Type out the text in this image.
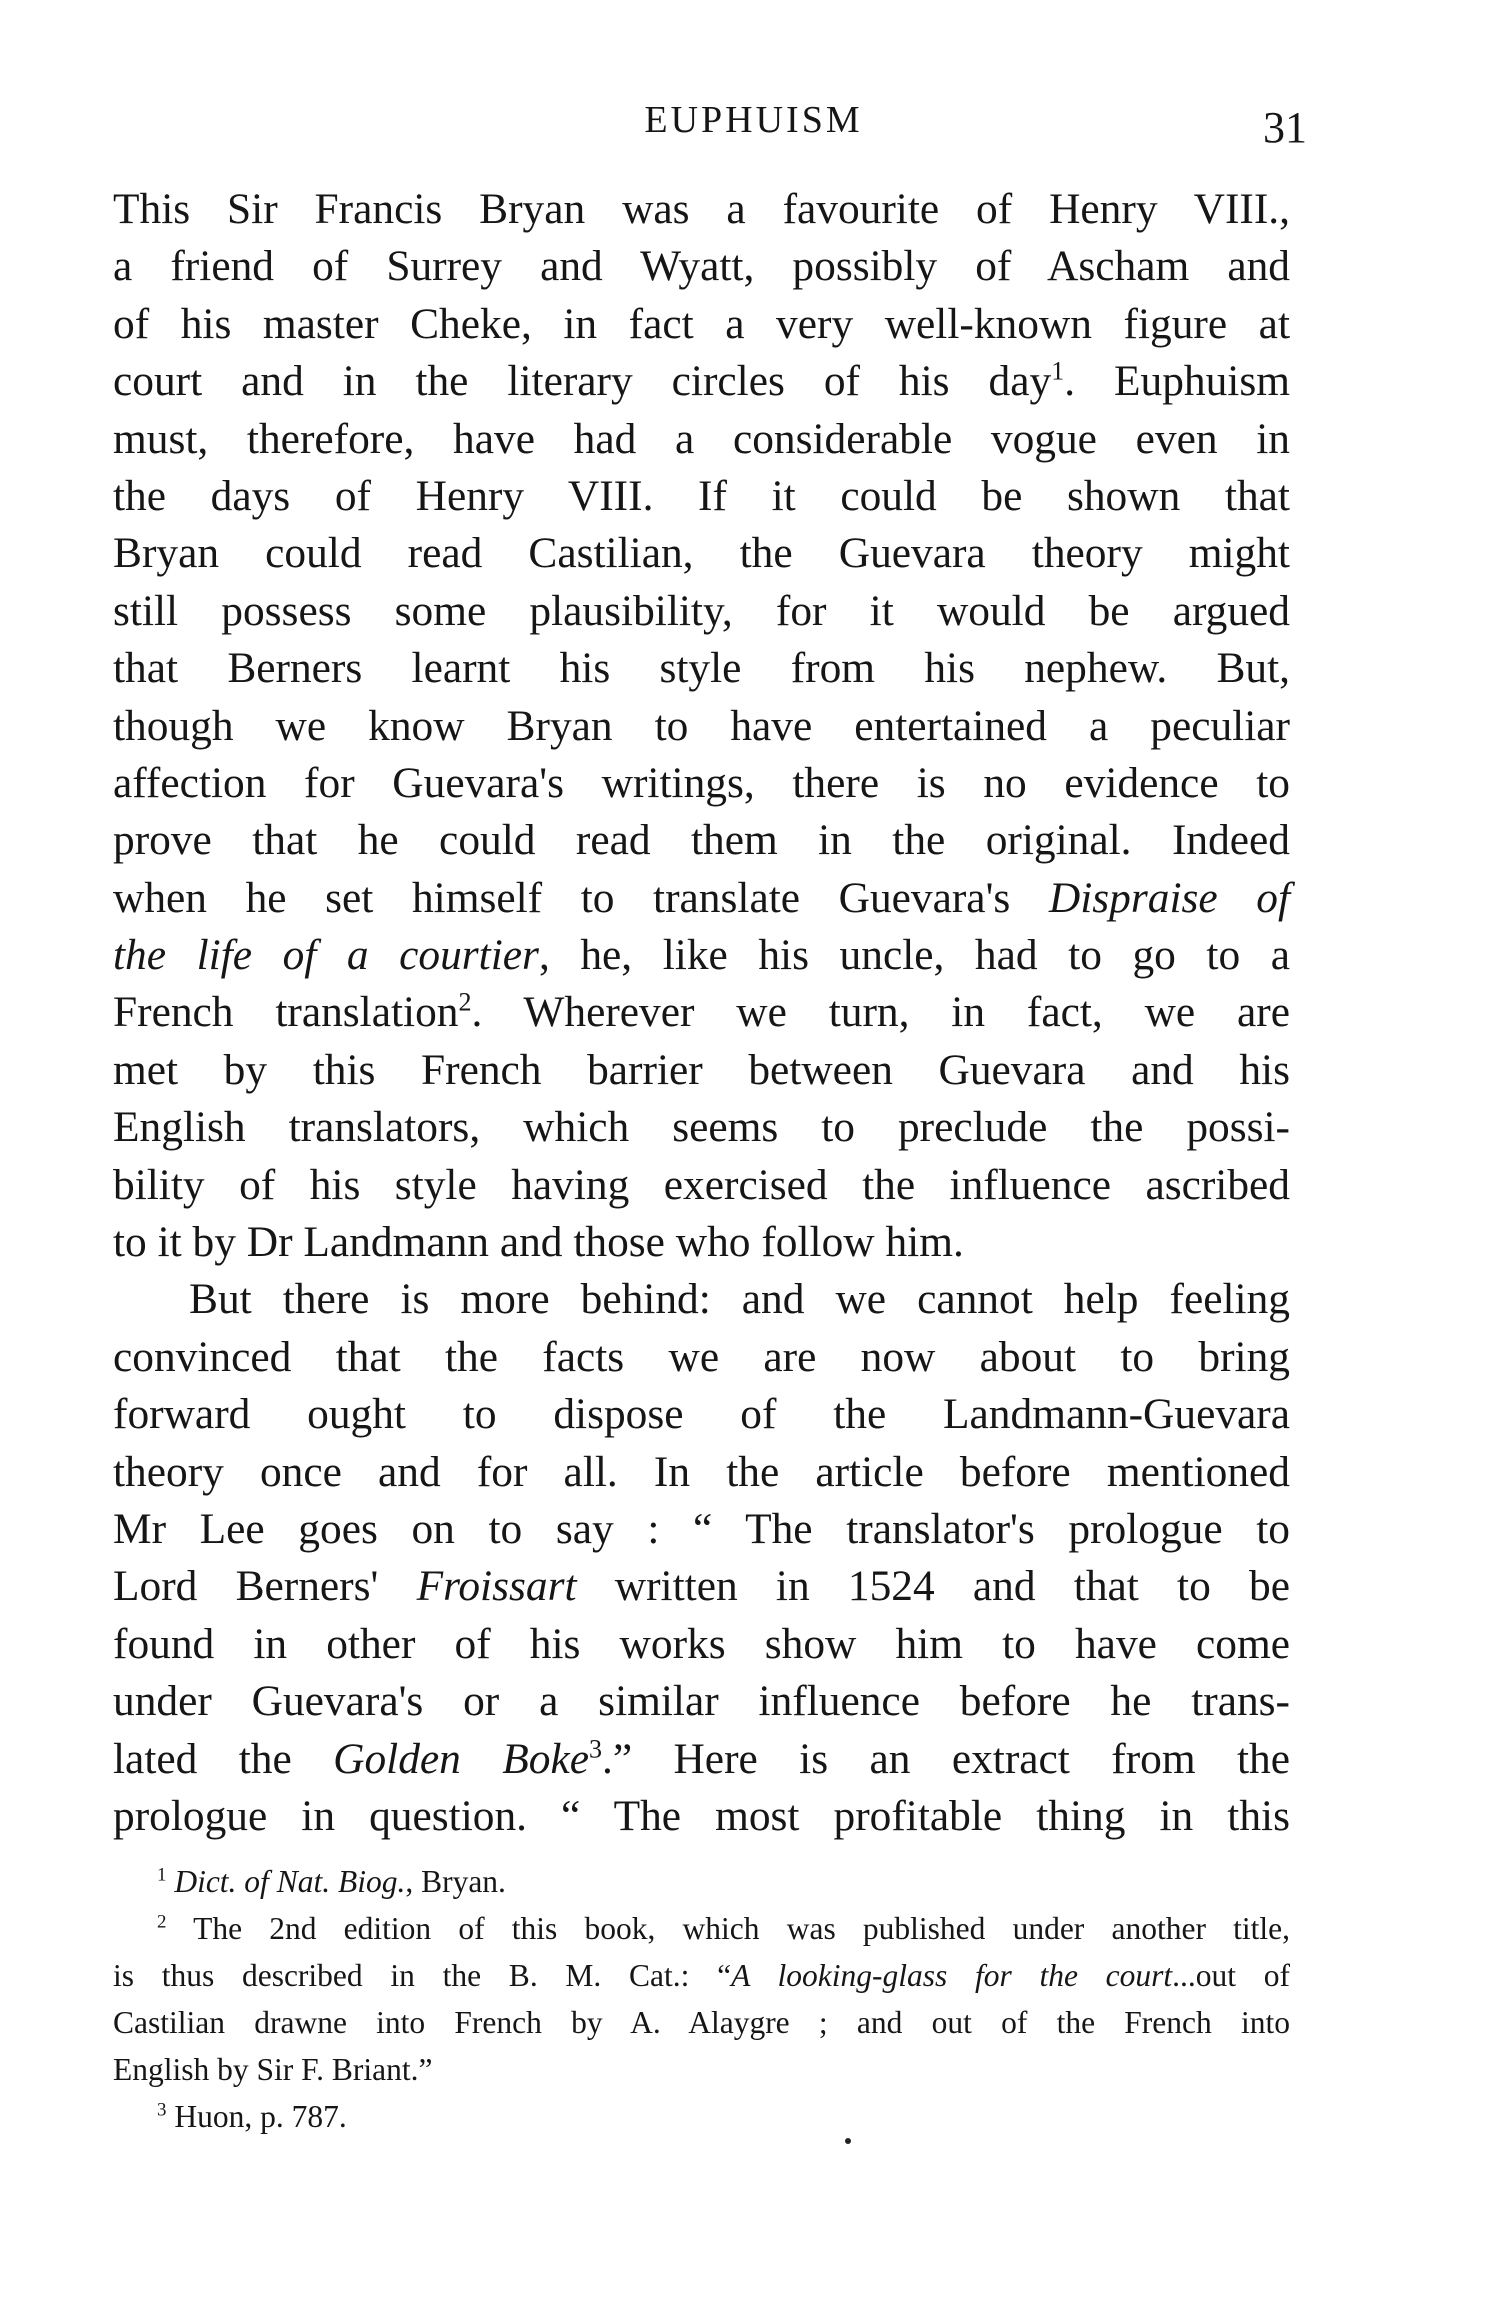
EUPHUISM	31
This Sir Francis Bryan was a favourite of Henry VIII.,
a friend of Surrey and Wyatt, possibly of Ascham and
of his master Cheke, in fact a very well-known figure at
court and in the literary circles of his day$^1$. Euphuism
must, therefore, have had a considerable vogue even in
the days of Henry VIII. If it could be shown that
Bryan could read Castilian, the Guevara theory might
still possess some plausibility, for it would be argued
that Berners learnt his style from his nephew. But,
though we know Bryan to have entertained a peculiar
affection for Guevara's writings, there is no evidence to
prove that he could read them in the original. Indeed
when he set himself to translate Guevara's Dispraise of
the life of a courtier, he, like his uncle, had to go to a
French translation$^2$. Wherever we turn, in fact, we are
met by this French barrier between Guevara and his
English translators, which seems to preclude the possi-
bility of his style having exercised the influence ascribed
to it by Dr Landmann and those who follow him.
But there is more behind: and we cannot help feeling
convinced that the facts we are now about to bring
forward ought to dispose of the Landmann-Guevara
theory once and for all. In the article before mentioned
Mr Lee goes on to say : “ The translator's prologue to
Lord Berners' Froissart written in 1524 and that to be
found in other of his works show him to have come
under Guevara's or a similar influence before he trans-
lated the Golden Boke$^3$.” Here is an extract from the
prologue in question. “ The most profitable thing in this
$^1$ Dict. of Nat. Biog., Bryan.
$^2$ The 2nd edition of this book, which was published under another title,
is thus described in the B. M. Cat.: “A looking-glass for the court...out of
Castilian drawne into French by A. Alaygre ; and out of the French into
English by Sir F. Briant.”
$^3$ Huon, p. 787.
